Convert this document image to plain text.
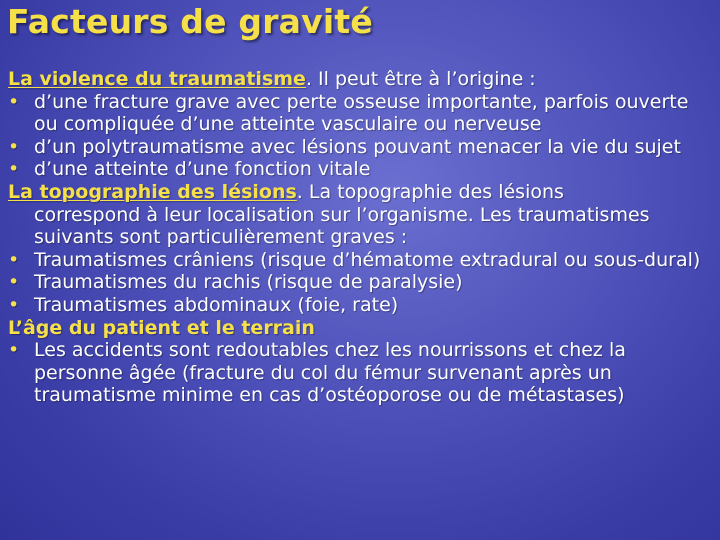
Facteurs de gravité
La violence du traumatisme. Il peut être à l’origine :
• d’une fracture grave avec perte osseuse importante, parfois ouverte ou compliquée d’une atteinte vasculaire ou nerveuse
• d’un polytraumatisme avec lésions pouvant menacer la vie du sujet
• d’une atteinte d’une fonction vitale
La topographie des lésions. La topographie des lésions
correspond à leur localisation sur l’organisme. Les traumatismes suivants sont particulièrement graves :
• Traumatismes crâniens (risque d’hématome extradural ou sous-dural)
• Traumatismes du rachis (risque de paralysie)
• Traumatismes abdominaux (foie, rate)
L’âge du patient et le terrain
• Les accidents sont redoutables chez les nourrissons et chez la personne âgée (fracture du col du fémur survenant après un traumatisme minime en cas d’ostéoporose ou de métastases)
